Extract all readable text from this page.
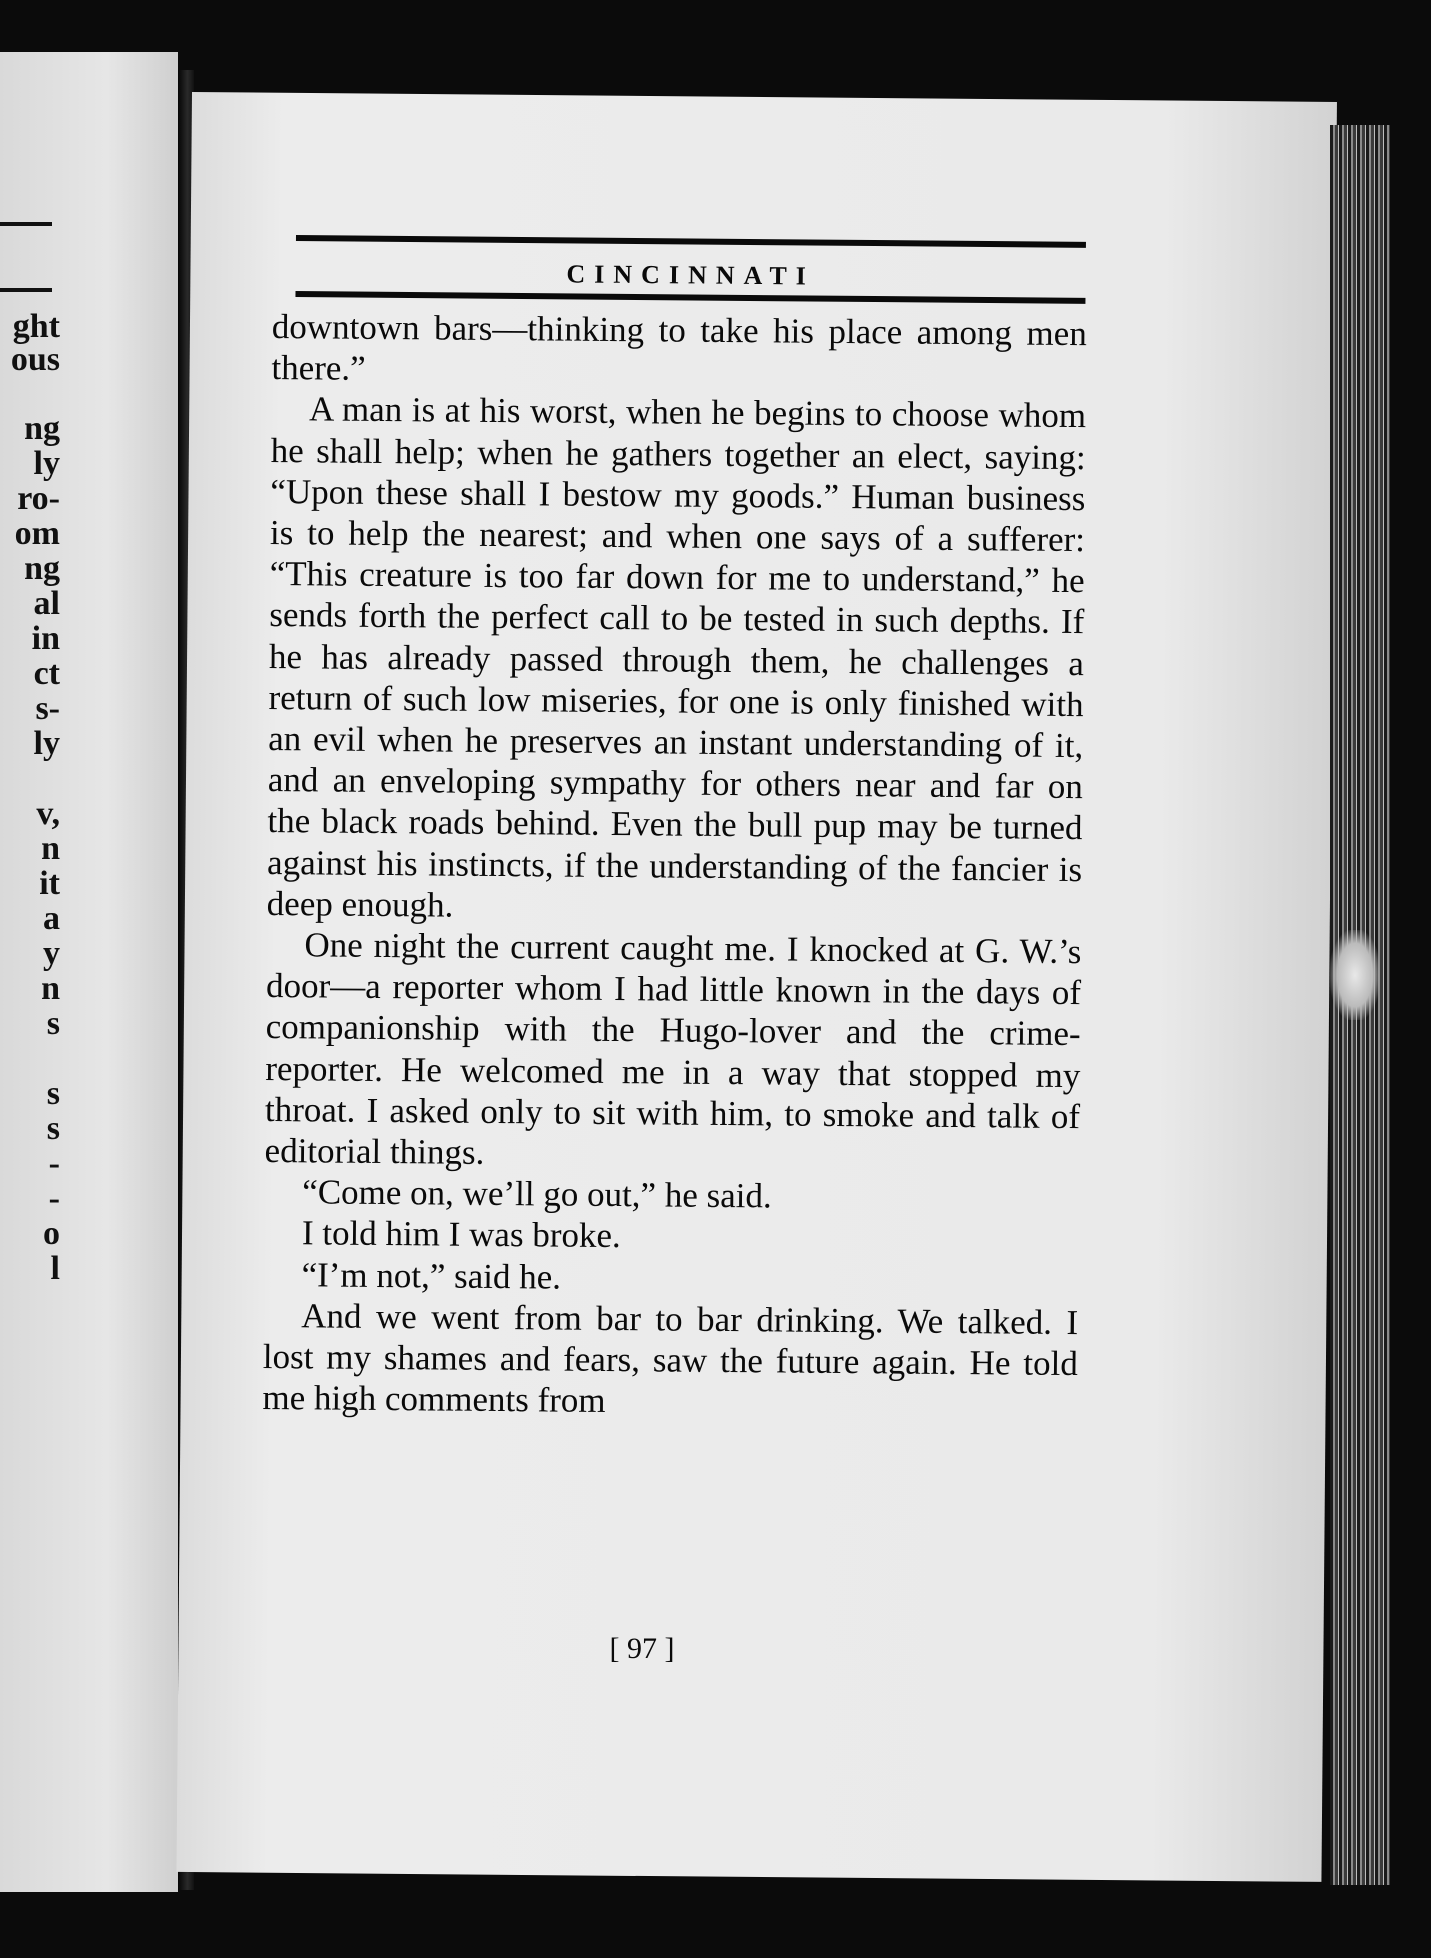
ght
ous
ng
ly
ro-
om
ng
al
in
ct
s-
ly
v,
n
it
a
y
n
s
s
s
-
-
o
l
CINCINNATI

downtown bars—thinking to take his place among men there.”

A man is at his worst, when he begins to choose whom he shall help; when he gathers together an elect, saying: “Upon these shall I bestow my goods.” Human business is to help the nearest; and when one says of a sufferer: “This creature is too far down for me to understand,” he sends forth the perfect call to be tested in such depths. If he has already passed through them, he challenges a return of such low miseries, for one is only finished with an evil when he preserves an instant understanding of it, and an enveloping sympathy for others near and far on the black roads behind. Even the bull pup may be turned against his instincts, if the understanding of the fancier is deep enough.

One night the current caught me. I knocked at G. W.’s door—a reporter whom I had little known in the days of companionship with the Hugo-lover and the crime-reporter. He welcomed me in a way that stopped my throat. I asked only to sit with him, to smoke and talk of editorial things.

“Come on, we’ll go out,” he said.

I told him I was broke.

“I’m not,” said he.

And we went from bar to bar drinking. We talked. I lost my shames and fears, saw the future again. He told me high comments from

[ 97 ]
